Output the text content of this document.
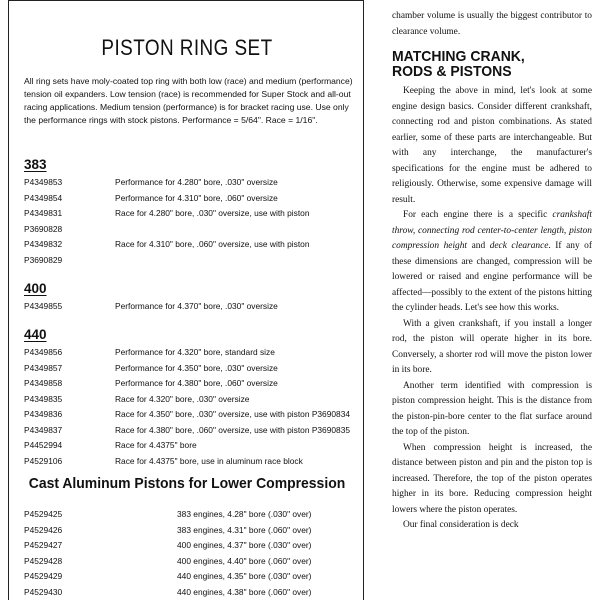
PISTON RING SET

All ring sets have moly-coated top ring with both low (race) and medium (performance) tension oil expanders. Low tension (race) is recommended for Super Stock and all-out racing applications. Medium tension (performance) is for bracket racing use. Use only the performance rings with stock pistons. Performance = 5/64". Race = 1/16".

383
P4349853	Performance for 4.280" bore, .030" oversize
P4349854	Performance for 4.310" bore, .060" oversize
P4349831	Race for 4.280" bore, .030" oversize, use with piston
P3690828
P4349832	Race for 4.310" bore, .060" oversize, use with piston
P3690829
400
P4349855	Performance for 4.370" bore, .030" oversize
440
P4349856	Performance for 4.320" bore, standard size
P4349857	Performance for 4.350" bore, .030" oversize
P4349858	Performance for 4.380" bore, .060" oversize
P4349835	Race for 4.320" bore, .030" oversize
P4349836	Race for 4.350" bore, .030" oversize, use with piston P3690834
P4349837	Race for 4.380" bore, .060" oversize, use with piston P3690835
P4452994	Race for 4.4375" bore
P4529106	Race for 4.4375" bore, use in aluminum race block
Cast Aluminum Pistons for Lower Compression
P4529425	383 engines, 4.28" bore (.030" over)
P4529426	383 engines, 4.31" bore (.060" over)
P4529427	400 engines, 4.37" bore (.030" over)
P4529428	400 engines, 4.40" bore (.060" over)
P4529429	440 engines, 4.35" bore (.030" over)
P4529430	440 engines, 4.38" bore (.060" over)

chamber volume is usually the biggest contributor to clearance volume.

MATCHING CRANK,
RODS & PISTONS

Keeping the above in mind, let's look at some engine design basics. Consider different crankshaft, connecting rod and piston combinations. As stated earlier, some of these parts are interchangeable. But with any interchange, the manufacturer's specifications for the engine must be adhered to religiously. Otherwise, some expensive damage will result.

For each engine there is a specific crankshaft throw, connecting rod center-to-center length, piston compression height and deck clearance. If any of these dimensions are changed, compression will be lowered or raised and engine performance will be affected—possibly to the extent of the pistons hitting the cylinder heads. Let's see how this works.

With a given crankshaft, if you install a longer rod, the piston will operate higher in its bore. Conversely, a shorter rod will move the piston lower in its bore.

Another term identified with compression is piston compression height. This is the distance from the piston-pin-bore center to the flat surface around the top of the piston.

When compression height is increased, the distance between piston and pin and the piston top is increased. Therefore, the top of the piston operates higher in its bore. Reducing compression height lowers where the piston operates.

Our final consideration is deck
